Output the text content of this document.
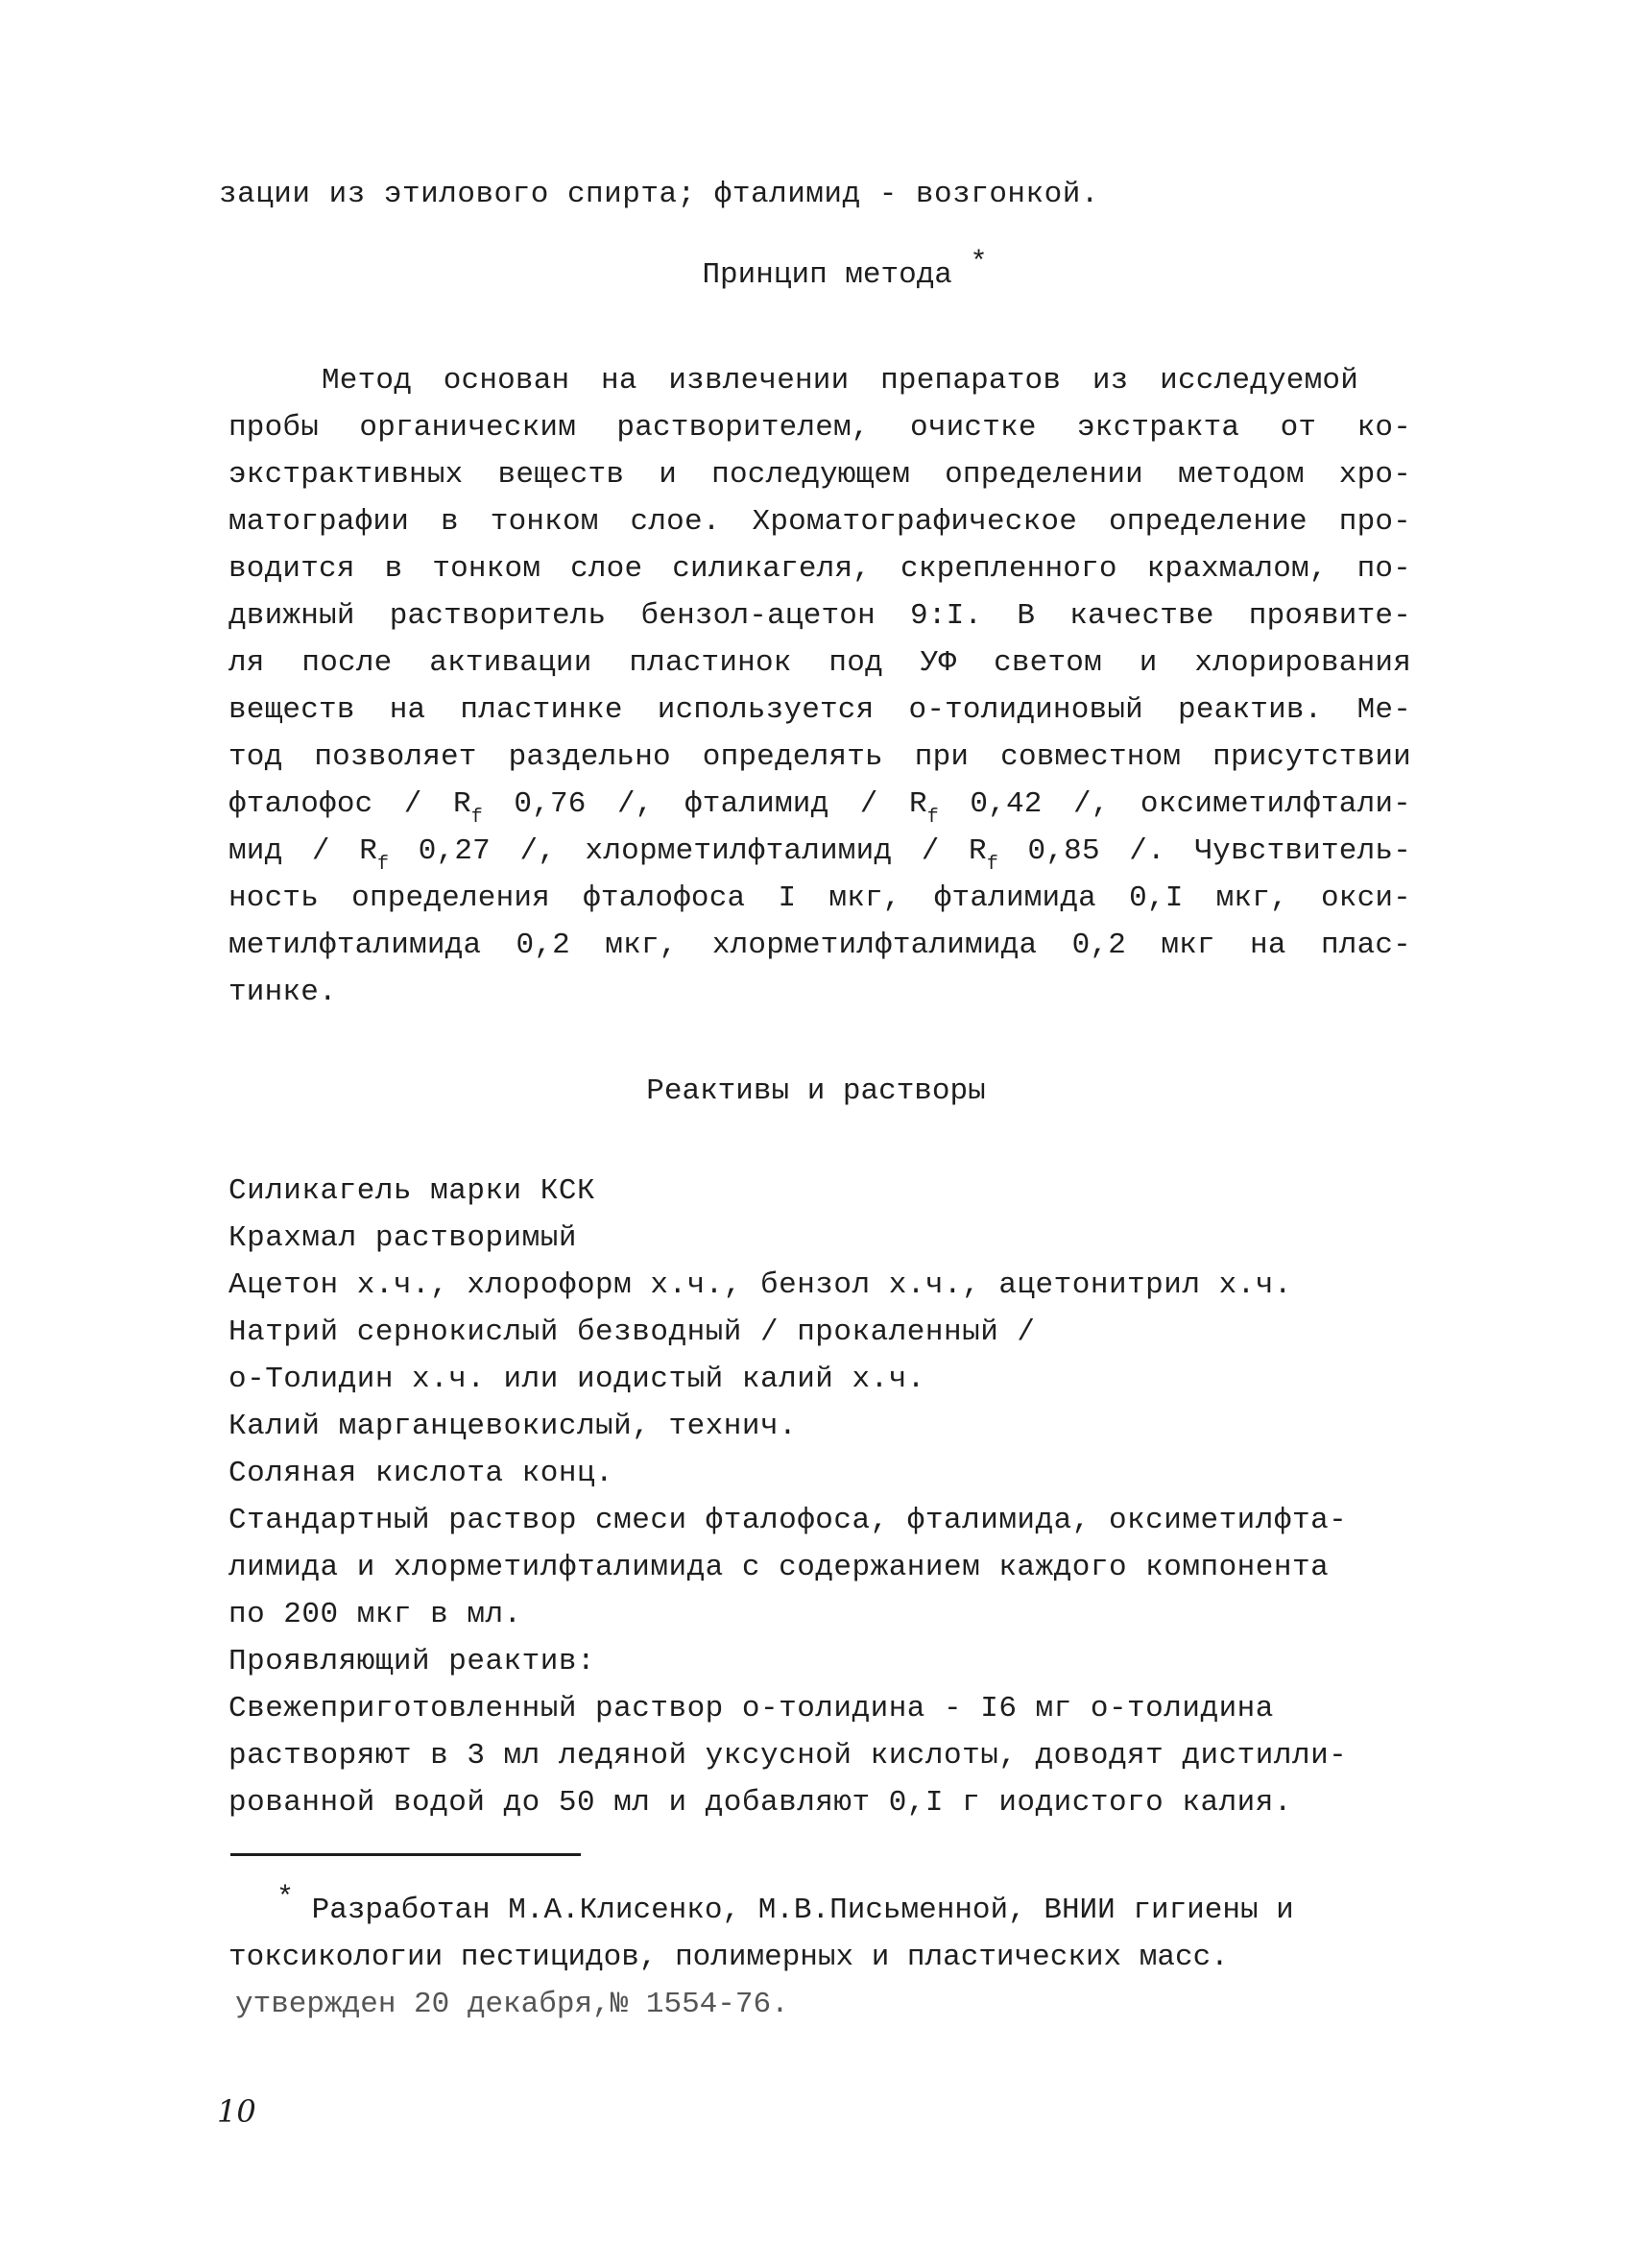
зации из этилового спирта; фталимид - возгонкой.
Принцип метода *
Метод основан на извлечении препаратов из исследуемой
пробы органическим растворителем, очистке экстракта от ко-
экстрактивных веществ и последующем определении методом хро-
матографии в тонком слое. Хроматографическое определение про-
водится в тонком слое силикагеля, скрепленного крахмалом, по-
движный растворитель бензол-ацетон 9:I. В качестве проявите-
ля после активации пластинок под УФ светом и хлорирования
веществ на пластинке используется о-толидиновый реактив. Ме-
тод позволяет раздельно определять при совместном присутствии
фталофос / $R_f$ 0,76 /, фталимид / $R_f$ 0,42 /, оксиметилфтали-
мид / $R_f$ 0,27 /, хлорметилфталимид / $R_f$ 0,85 /. Чувствитель-
ность определения фталофоса I мкг, фталимида 0,I мкг, окси-
метилфталимида 0,2 мкг, хлорметилфталимида 0,2 мкг на плас-
тинке.
Реактивы и растворы
Силикагель марки КСК
Крахмал растворимый
Ацетон х.ч., хлороформ х.ч., бензол х.ч., ацетонитрил х.ч.
Натрий сернокислый безводный / прокаленный /
о-Толидин х.ч. или иодистый калий х.ч.
Калий марганцевокислый, технич.
Соляная кислота конц.
Стандартный раствор смеси фталофоса, фталимида, оксиметилфта-
лимида и хлорметилфталимида с содержанием каждого компонента
по 200 мкг в мл.
Проявляющий реактив:
Свежеприготовленный раствор о-толидина - I6 мг о-толидина
растворяют в 3 мл ледяной уксусной кислоты, доводят дистилли-
рованной водой до 50 мл и добавляют 0,I г иодистого калия.
* Разработан М.А.Клисенко, М.В.Письменной, ВНИИ гигиены и
токсикологии пестицидов, полимерных и пластических масс.
утвержден 20 декабря,№ 1554-76.
10
